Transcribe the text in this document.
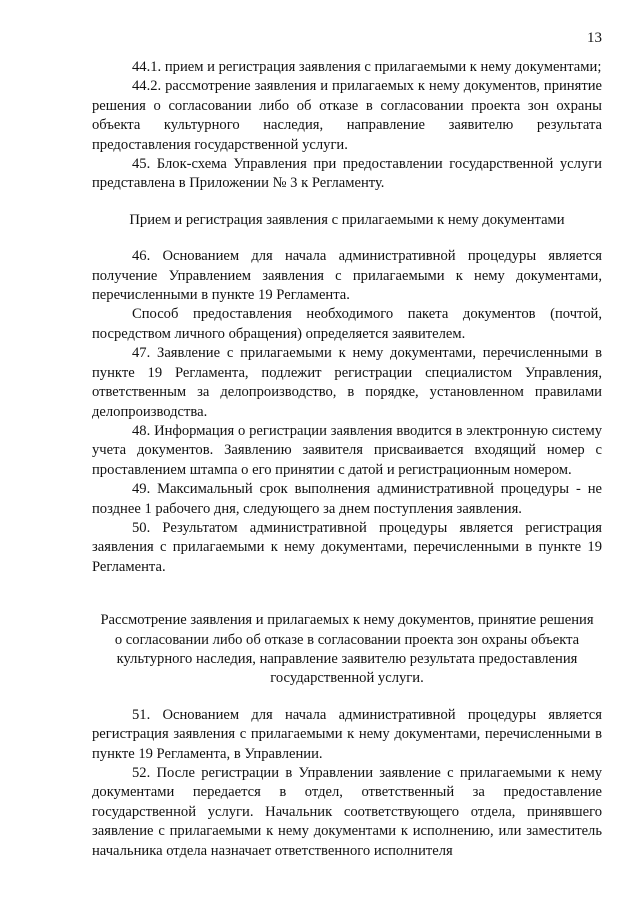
13

44.1. прием и регистрация заявления с прилагаемыми к нему документами;

44.2. рассмотрение заявления и прилагаемых к нему документов, принятие решения о согласовании либо об отказе в согласовании проекта зон охраны объекта культурного наследия, направление заявителю результата предоставления государственной услуги.

45. Блок-схема Управления при предоставлении государственной услуги представлена в Приложении № 3 к Регламенту.

Прием и регистрация заявления с прилагаемыми к нему документами

46. Основанием для начала административной процедуры является получение Управлением заявления с прилагаемыми к нему документами, перечисленными в пункте 19 Регламента.

Способ предоставления необходимого пакета документов (почтой, посредством личного обращения) определяется заявителем.

47. Заявление с прилагаемыми к нему документами, перечисленными в пункте 19 Регламента, подлежит регистрации специалистом Управления, ответственным за делопроизводство, в порядке, установленном правилами делопроизводства.

48. Информация о регистрации заявления вводится в электронную систему учета документов. Заявлению заявителя присваивается входящий номер с проставлением штампа о его принятии с датой и регистрационным номером.

49. Максимальный срок выполнения административной процедуры - не позднее 1 рабочего дня, следующего за днем поступления заявления.

50. Результатом административной процедуры является регистрация заявления с прилагаемыми к нему документами, перечисленными в пункте 19 Регламента.

Рассмотрение заявления и прилагаемых к нему документов, принятие решения о согласовании либо об отказе в согласовании проекта зон охраны объекта культурного наследия, направление заявителю результата предоставления государственной услуги.

51. Основанием для начала административной процедуры является регистрация заявления с прилагаемыми к нему документами, перечисленными в пункте 19 Регламента, в Управлении.

52. После регистрации в Управлении заявление с прилагаемыми к нему документами передается в отдел, ответственный за предоставление государственной услуги. Начальник соответствующего отдела, принявшего заявление с прилагаемыми к нему документами к исполнению, или заместитель начальника отдела назначает ответственного исполнителя
